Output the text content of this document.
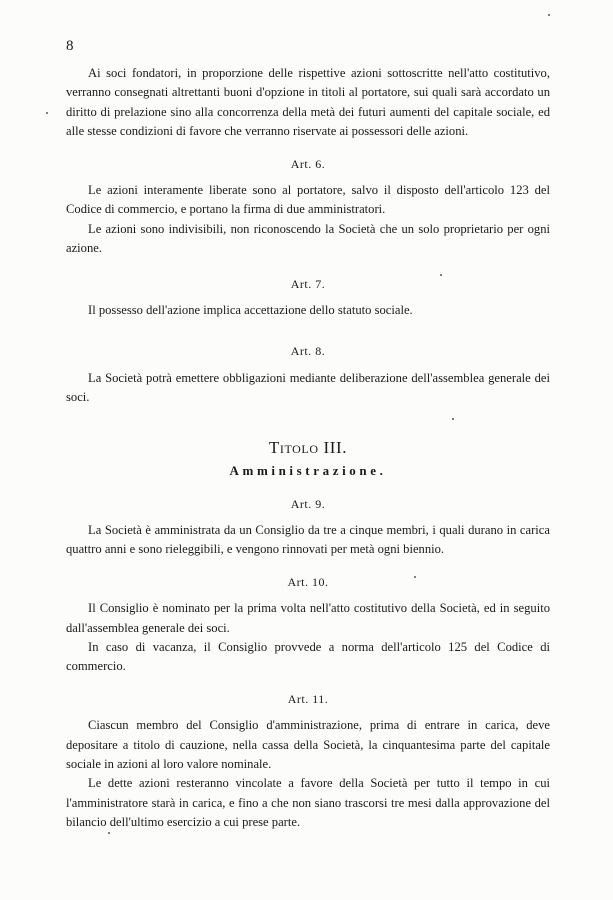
8

Ai soci fondatori, in proporzione delle rispettive azioni sottoscritte nell'atto costitutivo, verranno consegnati altrettanti buoni d'opzione in titoli al portatore, sui quali sarà accordato un diritto di prelazione sino alla concorrenza della metà dei futuri aumenti del capitale sociale, ed alle stesse condizioni di favore che verranno riservate ai possessori delle azioni.

Art. 6.

Le azioni interamente liberate sono al portatore, salvo il disposto dell'articolo 123 del Codice di commercio, e portano la firma di due amministratori.

Le azioni sono indivisibili, non riconoscendo la Società che un solo proprietario per ogni azione.

Art. 7.

Il possesso dell'azione implica accettazione dello statuto sociale.

Art. 8.

La Società potrà emettere obbligazioni mediante deliberazione dell'assemblea generale dei soci.

Titolo III.
Amministrazione.
Art. 9.

La Società è amministrata da un Consiglio da tre a cinque membri, i quali durano in carica quattro anni e sono rieleggibili, e vengono rinnovati per metà ogni biennio.

Art. 10.

Il Consiglio è nominato per la prima volta nell'atto costitutivo della Società, ed in seguito dall'assemblea generale dei soci.

In caso di vacanza, il Consiglio provvede a norma dell'articolo 125 del Codice di commercio.

Art. 11.

Ciascun membro del Consiglio d'amministrazione, prima di entrare in carica, deve depositare a titolo di cauzione, nella cassa della Società, la cinquantesima parte del capitale sociale in azioni al loro valore nominale.

Le dette azioni resteranno vincolate a favore della Società per tutto il tempo in cui l'amministratore starà in carica, e fino a che non siano trascorsi tre mesi dalla approvazione del bilancio dell'ultimo esercizio a cui prese parte.
